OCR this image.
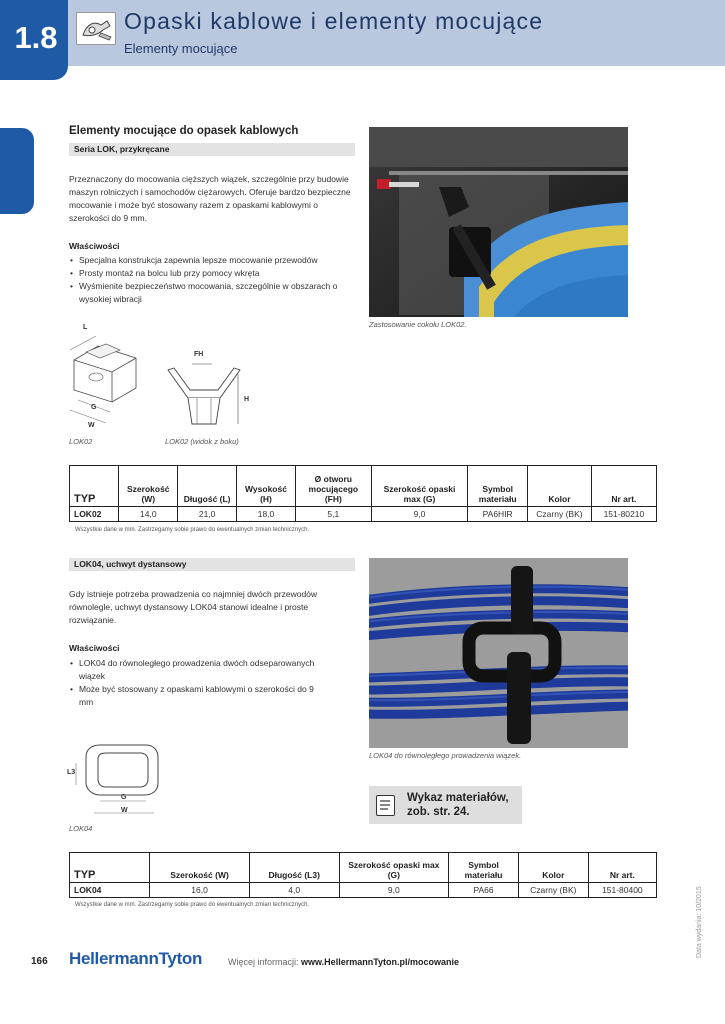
1.8	Opaski kablowe i elementy mocujące
Elementy mocujące
Elementy mocujące do opasek kablowych
Seria LOK, przykręcane

Przeznaczony do mocowania cięższych wiązek, szczególnie przy budowie maszyn rolniczych i samochodów ciężarowych. Oferuje bardzo bezpieczne mocowanie i może być stosowany razem z opaskami kablowymi o szerokości do 9 mm.

Właściwości
• Specjalna konstrukcja zapewnia lepsze mocowanie przewodów
• Prosty montaż na bolcu lub przy pomocy wkręta
• Wyśmienite bezpieczeństwo mocowania, szczególnie w obszarach o wysokiej wibracji
Zastosowanie cokołu LOK02.
L
G
W
LOK02
FH
H
LOK02 (widok z boku)
TYP	Szerokość (W)	Długość (L)	Wysokość (H)	Ø otworu mocującego (FH)	Szerokość opaski max (G)	Symbol materiału	Kolor	Nr art.
LOK02	14,0	21,0	18,0	5,1	9,0	PA6HIR	Czarny (BK)	151-80210
Wszystkie dane w mm. Zastrzegamy sobie prawo do ewentualnych zmian technicznych.
LOK04, uchwyt dystansowy

Gdy istnieje potrzeba prowadzenia co najmniej dwóch przewodów równolegle, uchwyt dystansowy LOK04 stanowi idealne i proste rozwiązanie.

Właściwości
• LOK04 do równoległego prowadzenia dwóch odseparowanych wiązek
• Może być stosowany z opaskami kablowymi o szerokości do 9 mm
LOK04 do równoległego prowadzenia wiązek.
L3
G
W
LOK04
Wykaz materiałów,
zob. str. 24.
TYP	Szerokość (W)	Długość (L3)	Szerokość opaski max (G)	Symbol materiału	Kolor	Nr art.
LOK04	16,0	4,0	9,0	PA66	Czarny (BK)	151-80400
Wszystkie dane w mm. Zastrzegamy sobie prawo do ewentualnych zmian technicznych.
166 HellermannTyton	Więcej informacji: www.HellermannTyton.pl/mocowanie
Data wydania: 10/2015
